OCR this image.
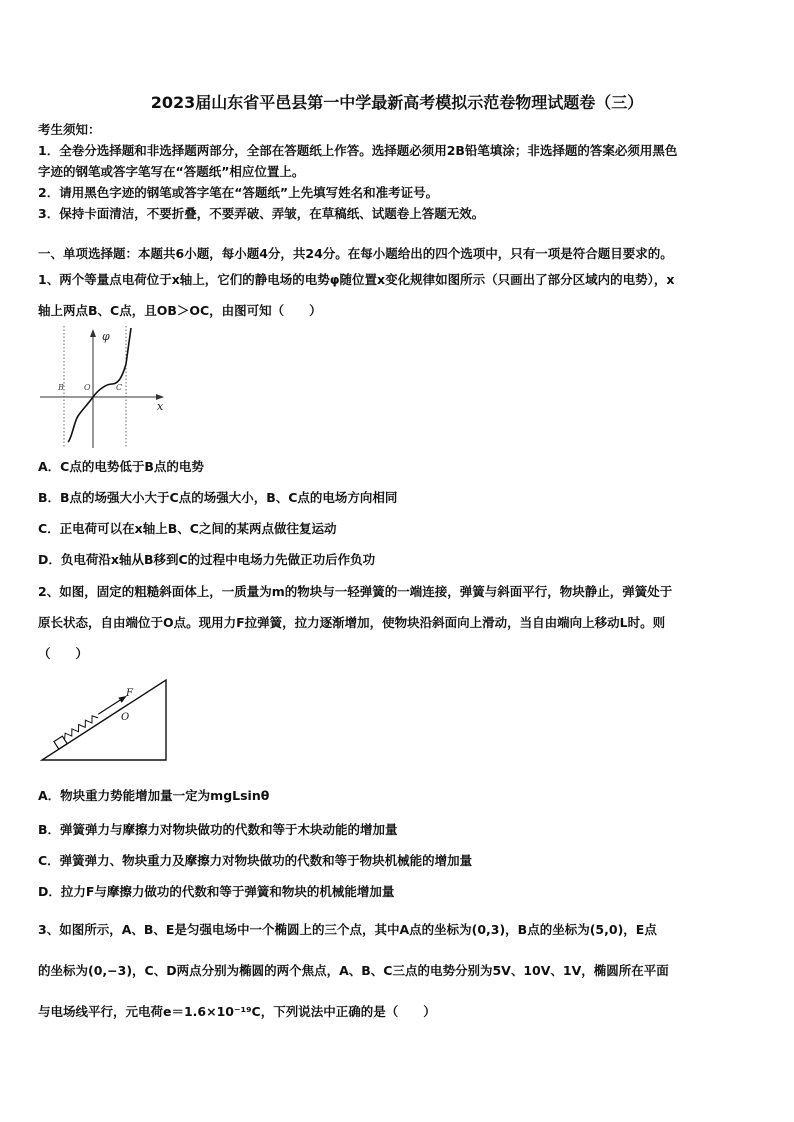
2023届山东省平邑县第一中学最新高考模拟示范卷物理试题卷（三）
考生须知：
1．全卷分选择题和非选择题两部分，全部在答题纸上作答。选择题必须用2B铅笔填涂；非选择题的答案必须用黑色
字迹的钢笔或答字笔写在“答题纸”相应位置上。
2．请用黑色字迹的钢笔或答字笔在“答题纸”上先填写姓名和准考证号。
3．保持卡面清洁，不要折叠，不要弄破、弄皱，在草稿纸、试题卷上答题无效。
一、单项选择题：本题共6小题，每小题4分，共24分。在每小题给出的四个选项中，只有一项是符合题目要求的。
1、两个等量点电荷位于x轴上，它们的静电场的电势φ随位置x变化规律如图所示（只画出了部分区域内的电势），x
轴上两点B、C点，且OB＞OC，由图可知（　　）
φ
x
B	O	C
A．C点的电势低于B点的电势
B．B点的场强大小大于C点的场强大小，B、C点的电场方向相同
C．正电荷可以在x轴上B、C之间的某两点做往复运动
D．负电荷沿x轴从B移到C的过程中电场力先做正功后作负功
2、如图，固定的粗糙斜面体上，一质量为m的物块与一轻弹簧的一端连接，弹簧与斜面平行，物块静止，弹簧处于
原长状态，自由端位于O点。现用力F拉弹簧，拉力逐渐增加，使物块沿斜面向上滑动，当自由端向上移动L时。则
（　　）
F
O
A．物块重力势能增加量一定为mgLsinθ
B．弹簧弹力与摩擦力对物块做功的代数和等于木块动能的增加量
C．弹簧弹力、物块重力及摩擦力对物块做功的代数和等于物块机械能的增加量
D．拉力F与摩擦力做功的代数和等于弹簧和物块的机械能增加量
3、如图所示，A、B、E是匀强电场中一个椭圆上的三个点，其中A点的坐标为(0,3)，B点的坐标为(5,0)，E点
的坐标为(0,−3)，C、D两点分别为椭圆的两个焦点，A、B、C三点的电势分别为5V、10V、1V，椭圆所在平面
与电场线平行，元电荷e＝1.6×10⁻¹⁹C，下列说法中正确的是（　　）
